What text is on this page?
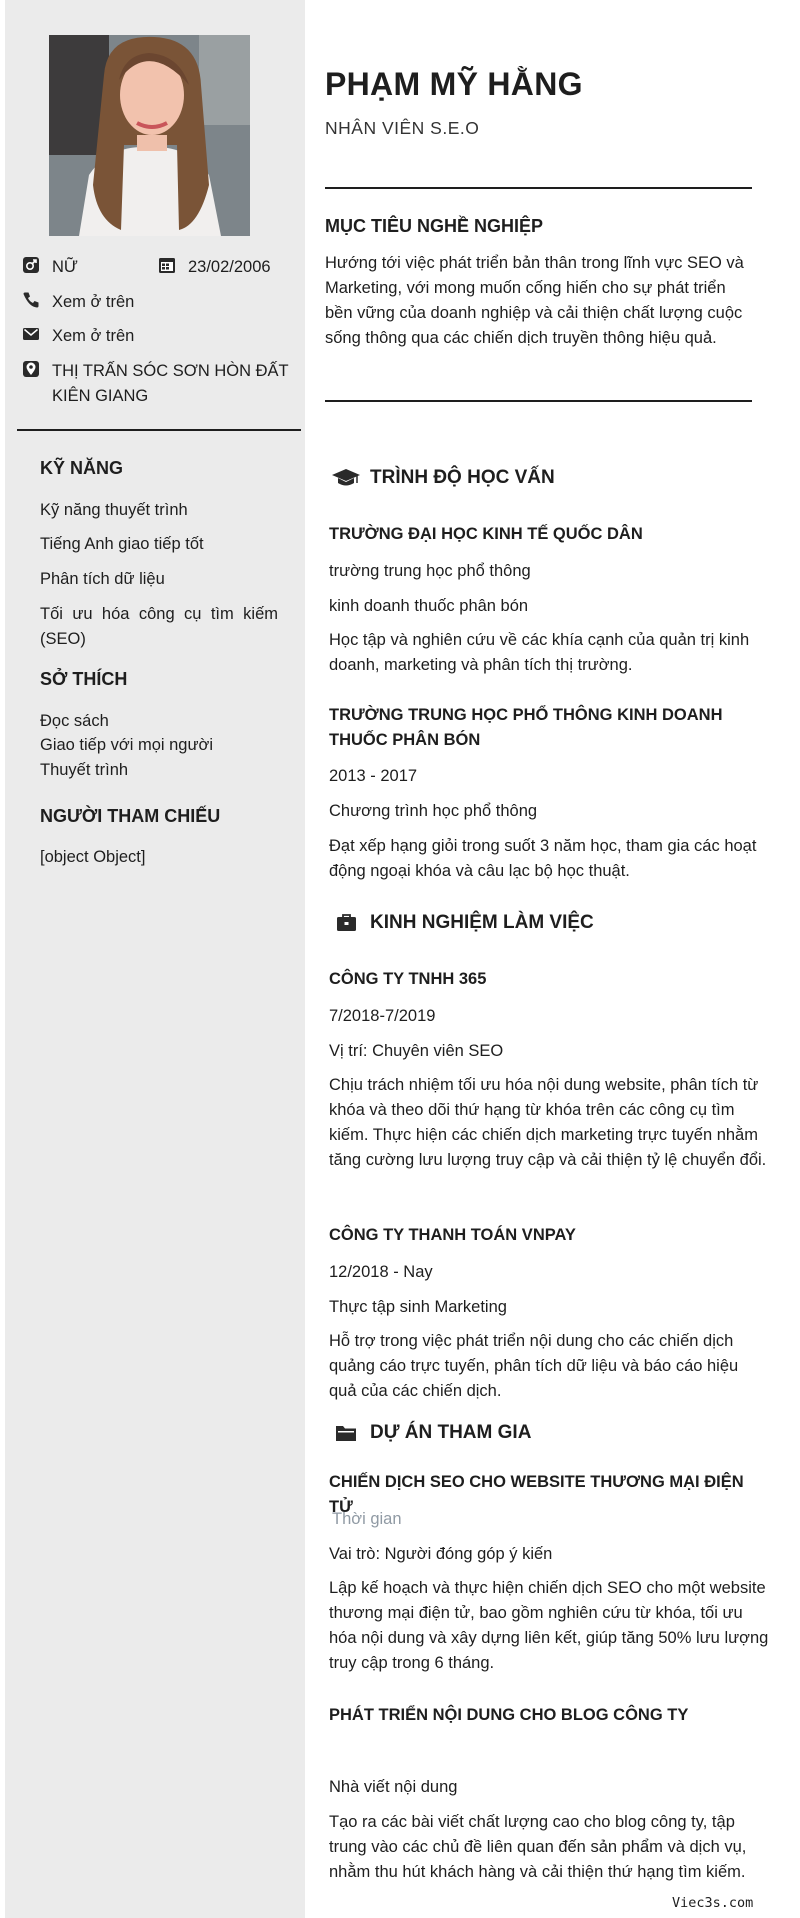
NỮ	23/02/2006
Xem ở trên
Xem ở trên
THỊ TRẤN SÓC SƠN HÒN ĐẤT KIÊN GIANG
KỸ NĂNG
Kỹ năng thuyết trình
Tiếng Anh giao tiếp tốt
Phân tích dữ liệu
Tối ưu hóa công cụ tìm kiếm (SEO)
SỞ THÍCH
Đọc sách
Giao tiếp với mọi người
Thuyết trình
NGƯỜI THAM CHIẾU
[object Object]
PHẠM MỸ HẰNG
NHÂN VIÊN S.E.O
MỤC TIÊU NGHỀ NGHIỆP
Hướng tới việc phát triển bản thân trong lĩnh vực SEO và Marketing, với mong muốn cống hiến cho sự phát triển bền vững của doanh nghiệp và cải thiện chất lượng cuộc sống thông qua các chiến dịch truyền thông hiệu quả.
TRÌNH ĐỘ HỌC VẤN
TRƯỜNG ĐẠI HỌC KINH TẾ QUỐC DÂN
trường trung học phổ thông
kinh doanh thuốc phân bón
Học tập và nghiên cứu về các khía cạnh của quản trị kinh doanh, marketing và phân tích thị trường.
TRƯỜNG TRUNG HỌC PHỔ THÔNG KINH DOANH THUỐC PHÂN BÓN
2013 - 2017
Chương trình học phổ thông
Đạt xếp hạng giỏi trong suốt 3 năm học, tham gia các hoạt động ngoại khóa và câu lạc bộ học thuật.
KINH NGHIỆM LÀM VIỆC
CÔNG TY TNHH 365
7/2018-7/2019
Vị trí: Chuyên viên SEO
Chịu trách nhiệm tối ưu hóa nội dung website, phân tích từ khóa và theo dõi thứ hạng từ khóa trên các công cụ tìm kiếm. Thực hiện các chiến dịch marketing trực tuyến nhằm tăng cường lưu lượng truy cập và cải thiện tỷ lệ chuyển đổi.
CÔNG TY THANH TOÁN VNPAY
12/2018 - Nay
Thực tập sinh Marketing
Hỗ trợ trong việc phát triển nội dung cho các chiến dịch quảng cáo trực tuyến, phân tích dữ liệu và báo cáo hiệu quả của các chiến dịch.
DỰ ÁN THAM GIA
CHIẾN DỊCH SEO CHO WEBSITE THƯƠNG MẠI ĐIỆN TỬ
Thời gian
Vai trò: Người đóng góp ý kiến
Lập kế hoạch và thực hiện chiến dịch SEO cho một website thương mại điện tử, bao gồm nghiên cứu từ khóa, tối ưu hóa nội dung và xây dựng liên kết, giúp tăng 50% lưu lượng truy cập trong 6 tháng.
PHÁT TRIỂN NỘI DUNG CHO BLOG CÔNG TY
Nhà viết nội dung
Tạo ra các bài viết chất lượng cao cho blog công ty, tập trung vào các chủ đề liên quan đến sản phẩm và dịch vụ, nhằm thu hút khách hàng và cải thiện thứ hạng tìm kiếm.
Viec3s.com
